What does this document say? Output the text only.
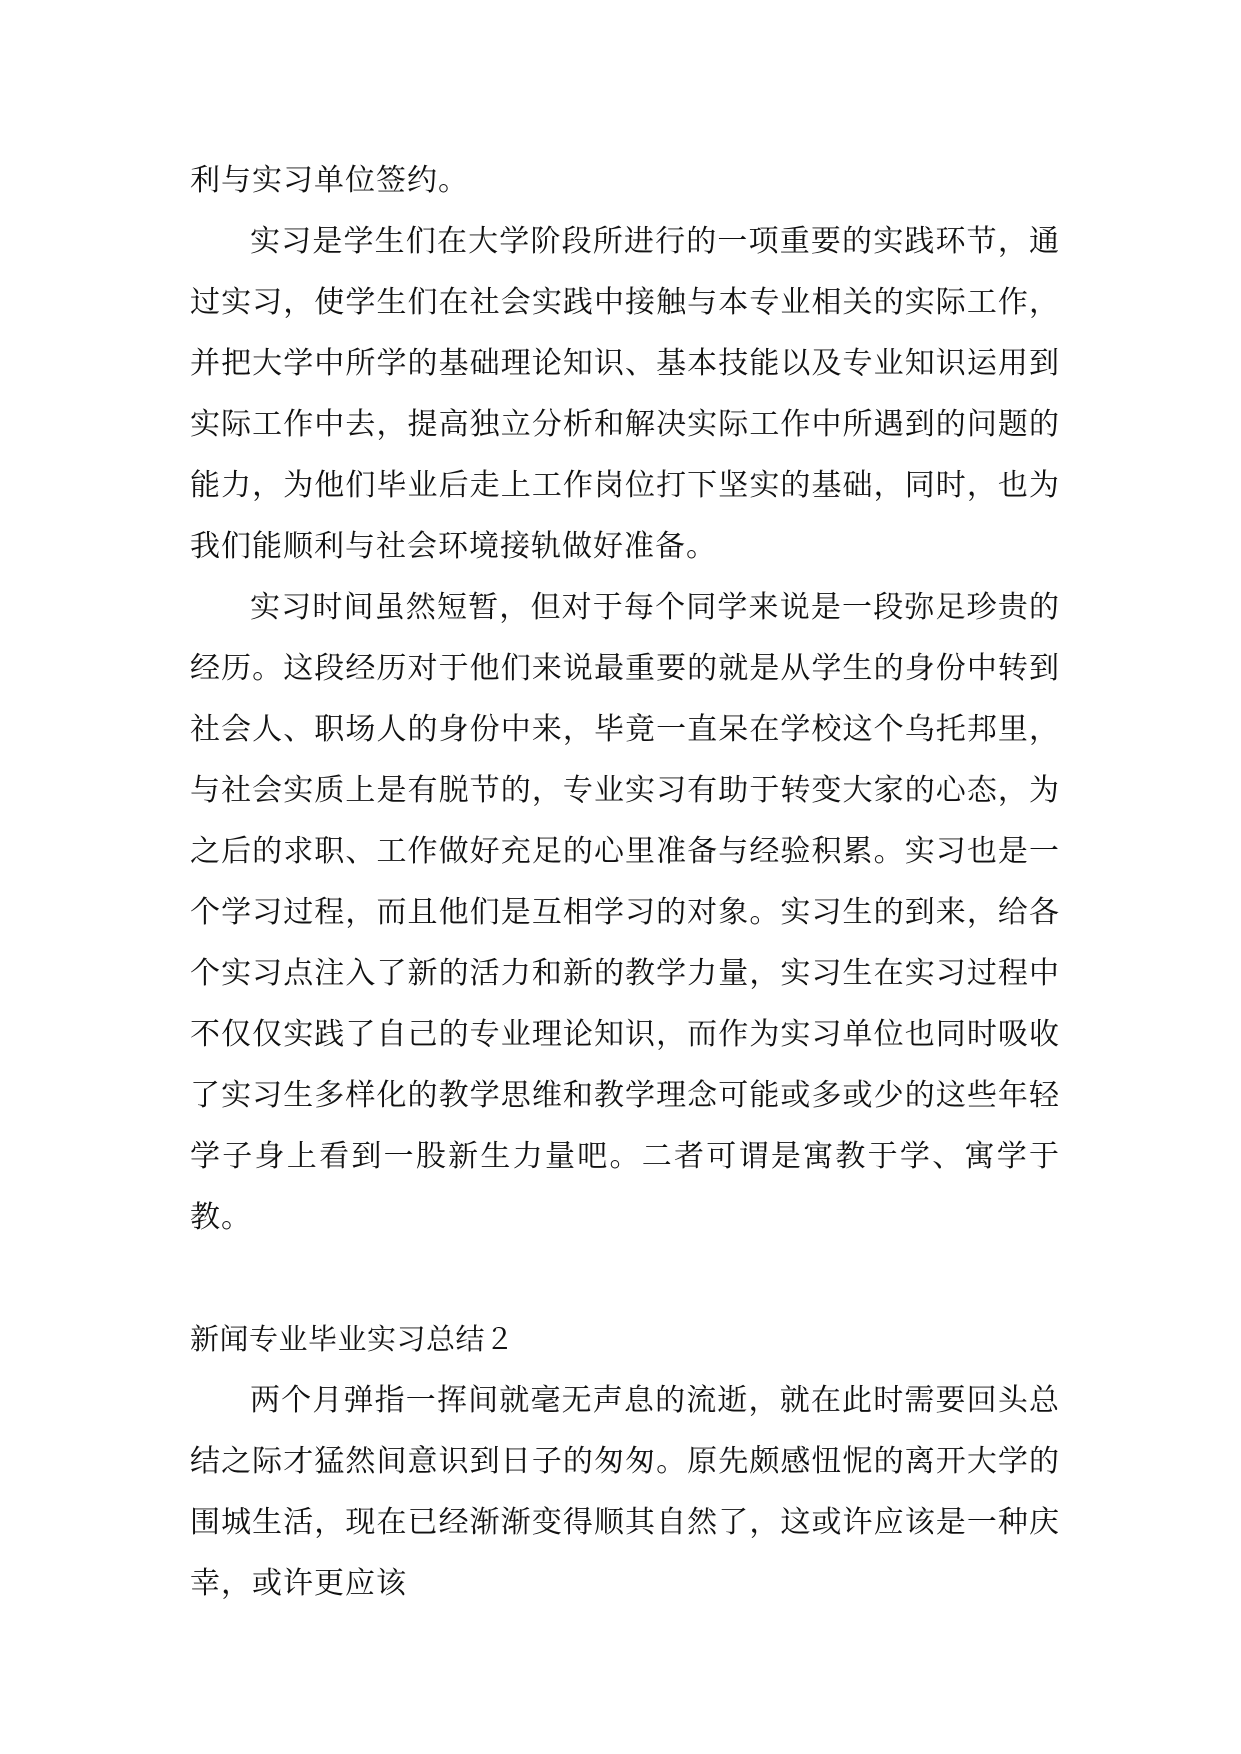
利与实习单位签约。

实习是学生们在大学阶段所进行的一项重要的实践环节，通过实习，使学生们在社会实践中接触与本专业相关的实际工作，并把大学中所学的基础理论知识、基本技能以及专业知识运用到实际工作中去，提高独立分析和解决实际工作中所遇到的问题的能力，为他们毕业后走上工作岗位打下坚实的基础，同时，也为我们能顺利与社会环境接轨做好准备。

实习时间虽然短暂，但对于每个同学来说是一段弥足珍贵的经历。这段经历对于他们来说最重要的就是从学生的身份中转到社会人、职场人的身份中来，毕竟一直呆在学校这个乌托邦里，与社会实质上是有脱节的，专业实习有助于转变大家的心态，为之后的求职、工作做好充足的心里准备与经验积累。实习也是一个学习过程，而且他们是互相学习的对象。实习生的到来，给各个实习点注入了新的活力和新的教学力量，实习生在实习过程中不仅仅实践了自己的专业理论知识，而作为实习单位也同时吸收了实习生多样化的教学思维和教学理念可能或多或少的这些年轻学子身上看到一股新生力量吧。二者可谓是寓教于学、寓学于教。

新闻专业毕业实习总结２

两个月弹指一挥间就毫无声息的流逝，就在此时需要回头总结之际才猛然间意识到日子的匆匆。原先颇感忸怩的离开大学的围城生活，现在已经渐渐变得顺其自然了，这或许应该是一种庆幸，或许更应该
